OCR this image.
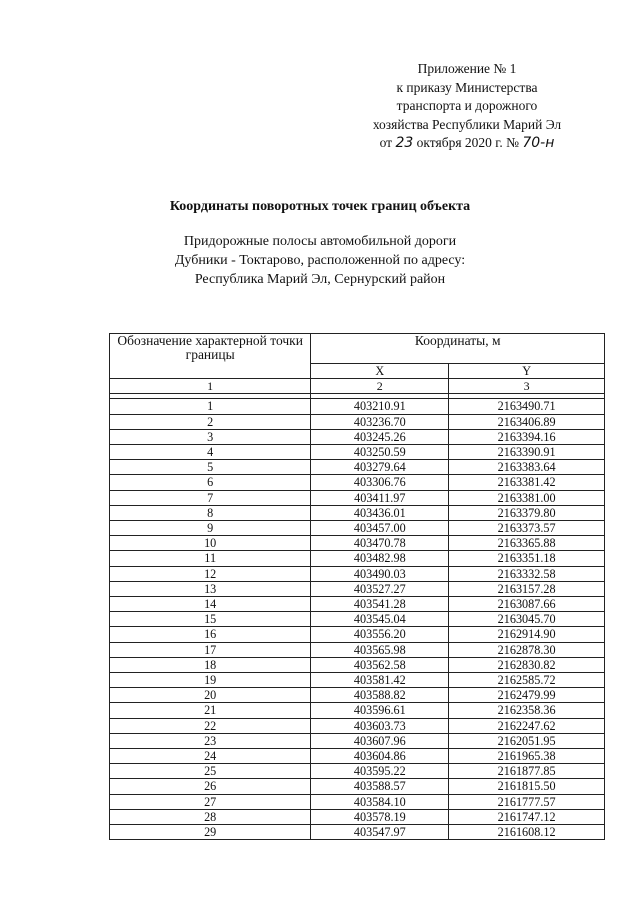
Приложение № 1
к приказу Министерства
транспорта и дорожного
хозяйства Республики Марий Эл
от 23 октября 2020 г. № 70-н
Координаты поворотных точек границ объекта
Придорожные полосы автомобильной дороги
Дубники - Токтарово, расположенной по адресу:
Республика Марий Эл, Сернурский район
Обозначение характерной точки границы	Координаты, м	
	X	Y
1	2	3

1	403210.91	2163490.71
2	403236.70	2163406.89
3	403245.26	2163394.16
4	403250.59	2163390.91
5	403279.64	2163383.64
6	403306.76	2163381.42
7	403411.97	2163381.00
8	403436.01	2163379.80
9	403457.00	2163373.57
10	403470.78	2163365.88
11	403482.98	2163351.18
12	403490.03	2163332.58
13	403527.27	2163157.28
14	403541.28	2163087.66
15	403545.04	2163045.70
16	403556.20	2162914.90
17	403565.98	2162878.30
18	403562.58	2162830.82
19	403581.42	2162585.72
20	403588.82	2162479.99
21	403596.61	2162358.36
22	403603.73	2162247.62
23	403607.96	2162051.95
24	403604.86	2161965.38
25	403595.22	2161877.85
26	403588.57	2161815.50
27	403584.10	2161777.57
28	403578.19	2161747.12
29	403547.97	2161608.12
